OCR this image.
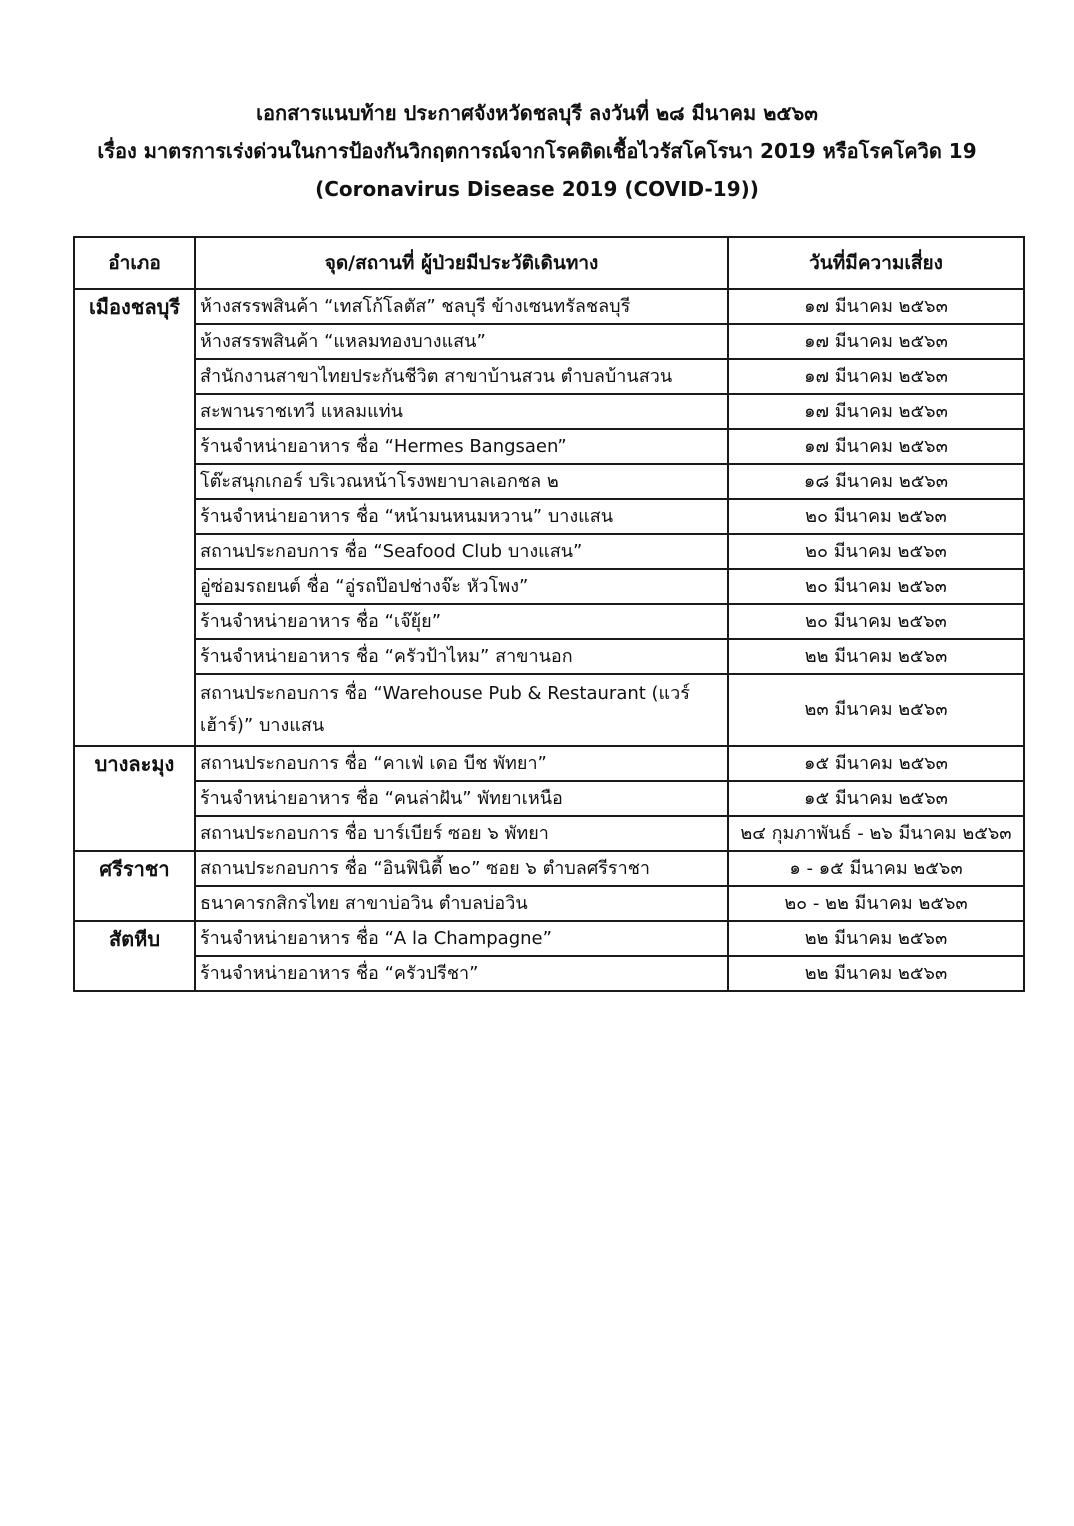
เอกสารแนบท้าย ประกาศจังหวัดชลบุรี ลงวันที่ ๒๘ มีนาคม ๒๕๖๓
เรื่อง มาตรการเร่งด่วนในการป้องกันวิกฤตการณ์จากโรคติดเชื้อไวรัสโคโรนา 2019 หรือโรคโควิด 19
(Coronavirus Disease 2019 (COVID-19))
อำเภอ	จุด/สถานที่ ผู้ป่วยมีประวัติเดินทาง	วันที่มีความเสี่ยง
เมืองชลบุรี	ห้างสรรพสินค้า “เทสโก้โลตัส” ชลบุรี ข้างเซนทรัลชลบุรี	๑๗ มีนาคม ๒๕๖๓
	ห้างสรรพสินค้า “แหลมทองบางแสน”	๑๗ มีนาคม ๒๕๖๓
	สำนักงานสาขาไทยประกันชีวิต สาขาบ้านสวน ตำบลบ้านสวน	๑๗ มีนาคม ๒๕๖๓
	สะพานราชเทวี แหลมแท่น	๑๗ มีนาคม ๒๕๖๓
	ร้านจำหน่ายอาหาร ชื่อ “Hermes Bangsaen”	๑๗ มีนาคม ๒๕๖๓
	โต๊ะสนุกเกอร์ บริเวณหน้าโรงพยาบาลเอกชล ๒	๑๘ มีนาคม ๒๕๖๓
	ร้านจำหน่ายอาหาร ชื่อ “หน้ามนหนมหวาน” บางแสน	๒๐ มีนาคม ๒๕๖๓
	สถานประกอบการ ชื่อ “Seafood Club บางแสน”	๒๐ มีนาคม ๒๕๖๓
	อู่ซ่อมรถยนต์ ชื่อ “อู่รถป๊อปช่างจ๊ะ หัวโพง”	๒๐ มีนาคม ๒๕๖๓
	ร้านจำหน่ายอาหาร ชื่อ “เจ๊ยุ้ย”	๒๐ มีนาคม ๒๕๖๓
	ร้านจำหน่ายอาหาร ชื่อ “ครัวป้าไหม” สาขานอก	๒๒ มีนาคม ๒๕๖๓
	สถานประกอบการ ชื่อ “Warehouse Pub & Restaurant (แวร์เฮ้าร์)” บางแสน	๒๓ มีนาคม ๒๕๖๓
บางละมุง	สถานประกอบการ ชื่อ “คาเฟ่ เดอ บีช พัทยา”	๑๕ มีนาคม ๒๕๖๓
	ร้านจำหน่ายอาหาร ชื่อ “คนล่าฝัน” พัทยาเหนือ	๑๕ มีนาคม ๒๕๖๓
	สถานประกอบการ ชื่อ บาร์เบียร์ ซอย ๖ พัทยา	๒๔ กุมภาพันธ์ - ๒๖ มีนาคม ๒๕๖๓
ศรีราชา	สถานประกอบการ ชื่อ “อินฟินิตี้ ๒๐” ซอย ๖ ตำบลศรีราชา	๑ - ๑๕ มีนาคม ๒๕๖๓
	ธนาคารกสิกรไทย สาขาบ่อวิน ตำบลบ่อวิน	๒๐ - ๒๒ มีนาคม ๒๕๖๓
สัตหีบ	ร้านจำหน่ายอาหาร ชื่อ “A la Champagne”	๒๒ มีนาคม ๒๕๖๓
	ร้านจำหน่ายอาหาร ชื่อ “ครัวปรีชา”	๒๒ มีนาคม ๒๕๖๓
